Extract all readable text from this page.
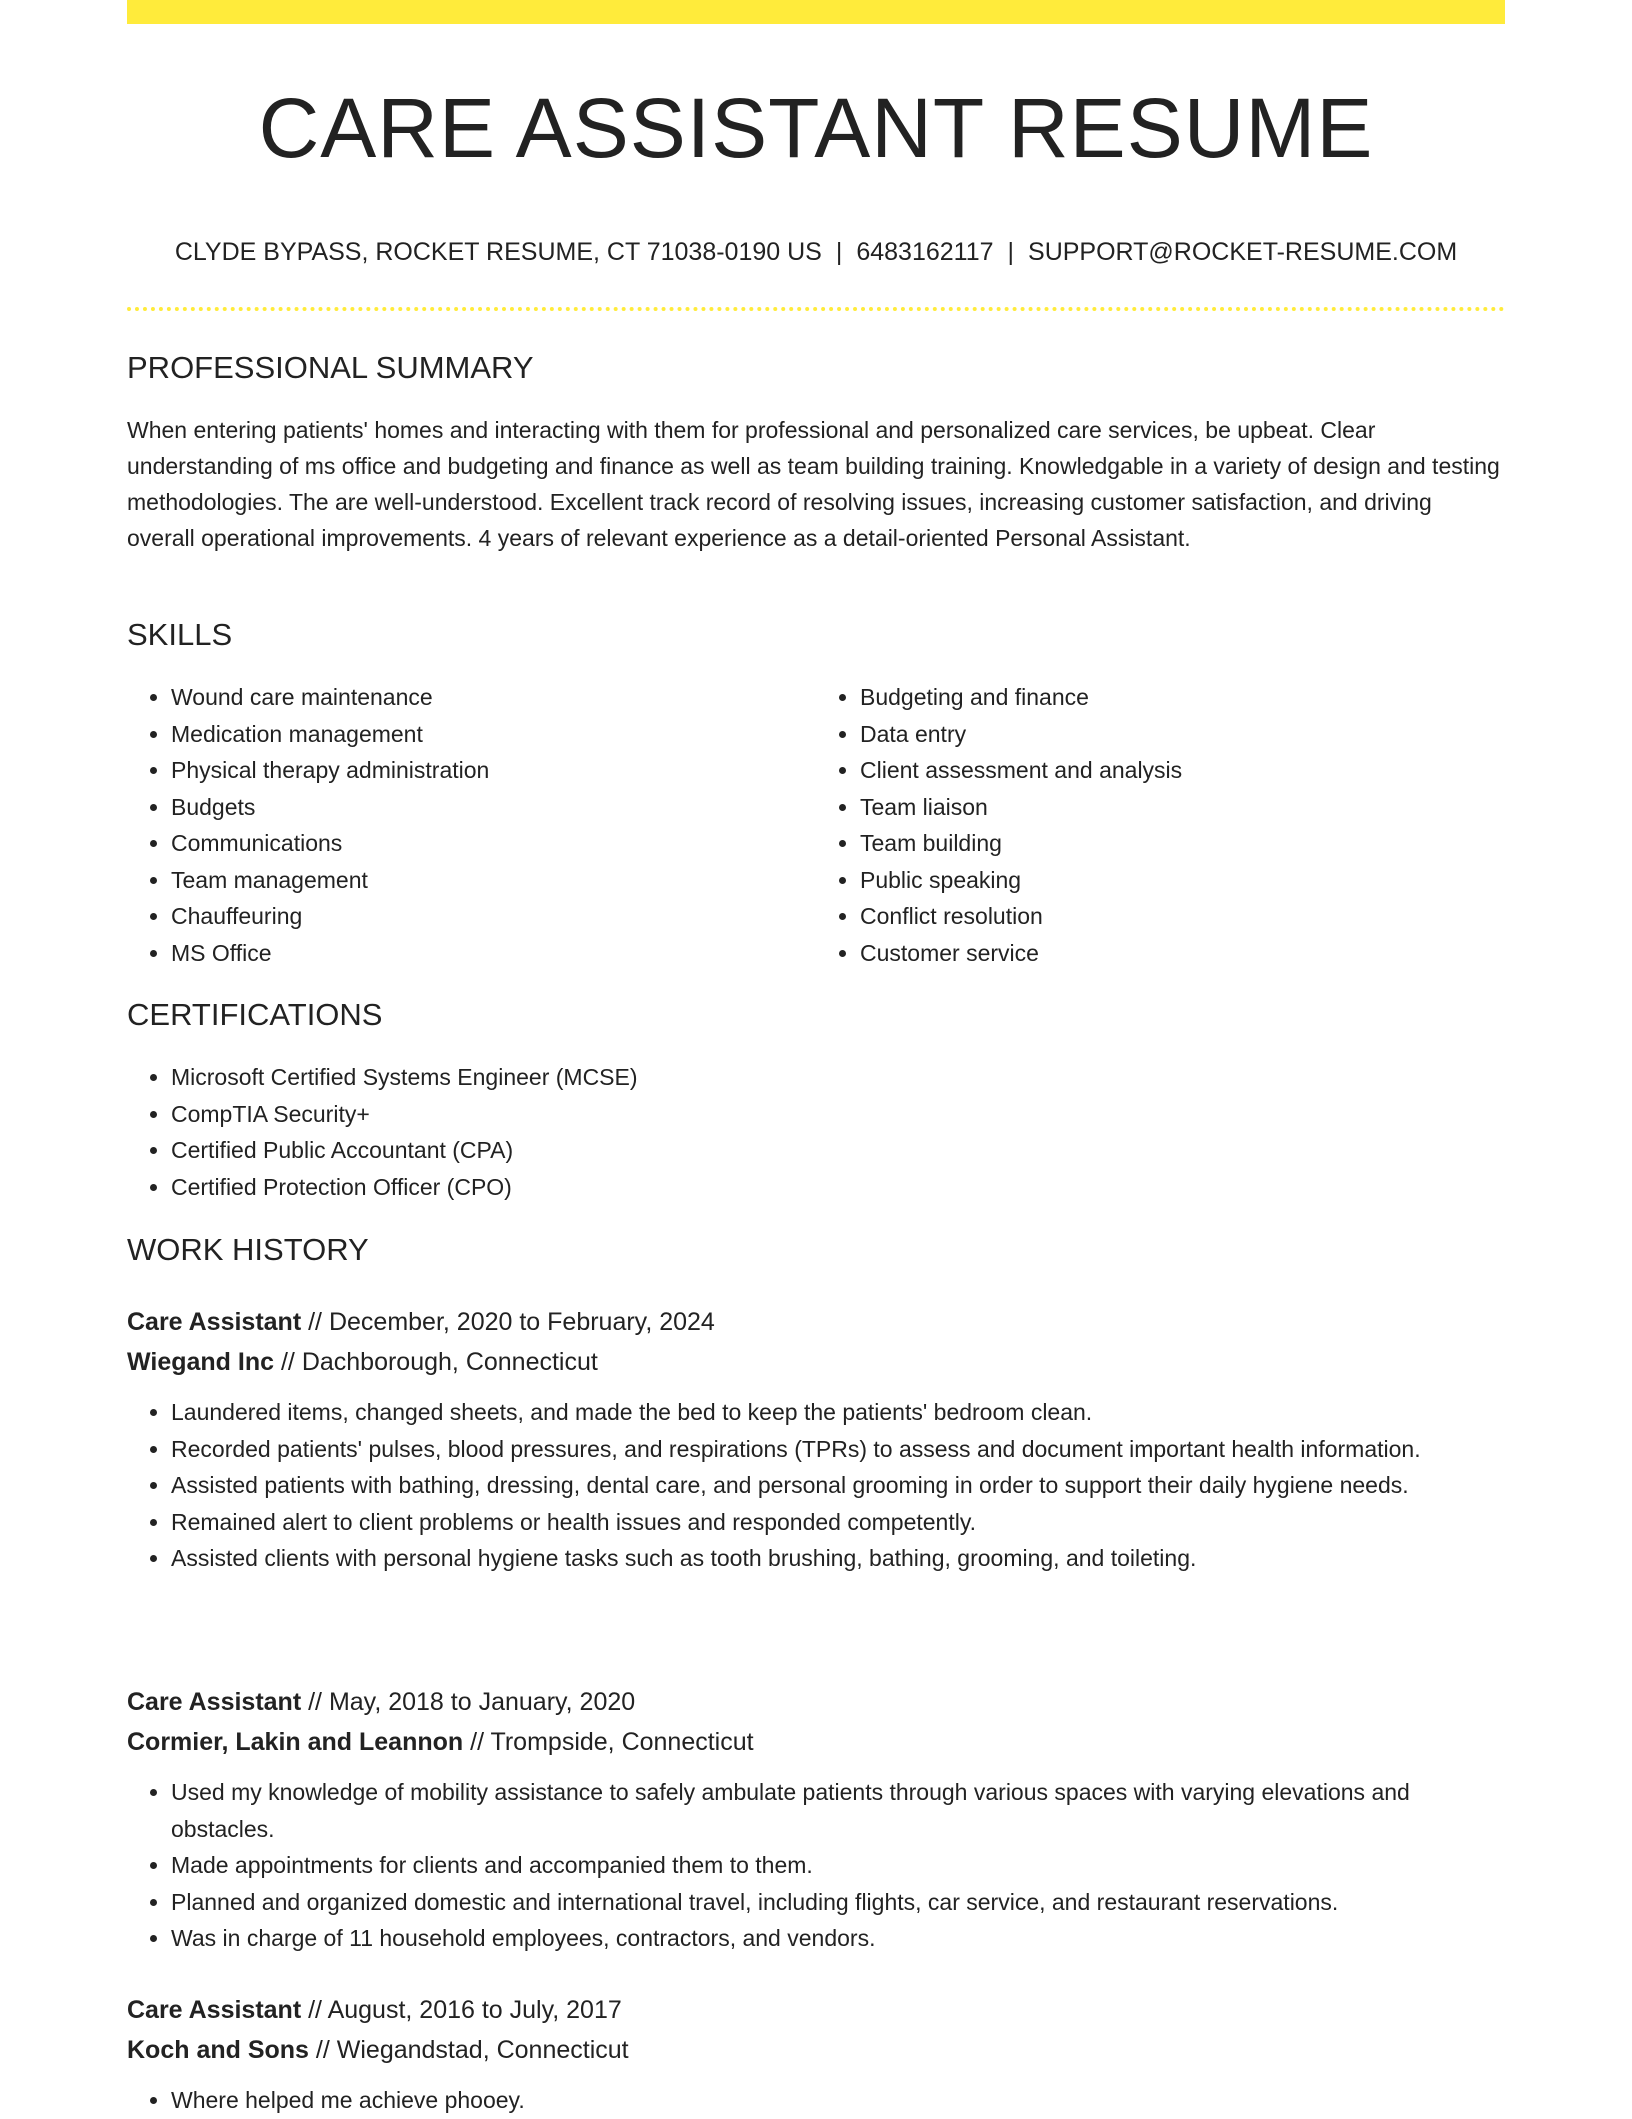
CARE ASSISTANT RESUME
CLYDE BYPASS, ROCKET RESUME, CT 71038-0190 US | 6483162117 | SUPPORT@ROCKET-RESUME.COM
PROFESSIONAL SUMMARY

When entering patients' homes and interacting with them for professional and personalized care services, be upbeat. Clear understanding of ms office and budgeting and finance as well as team building training. Knowledgable in a variety of design and testing methodologies. The are well-understood. Excellent track record of resolving issues, increasing customer satisfaction, and driving overall operational improvements. 4 years of relevant experience as a detail-oriented Personal Assistant.

SKILLS
• Wound care maintenance
• Medication management
• Physical therapy administration
• Budgets
• Communications
• Team management
• Chauffeuring
• MS Office
• Budgeting and finance
• Data entry
• Client assessment and analysis
• Team liaison
• Team building
• Public speaking
• Conflict resolution
• Customer service
CERTIFICATIONS
• Microsoft Certified Systems Engineer (MCSE)
• CompTIA Security+
• Certified Public Accountant (CPA)
• Certified Protection Officer (CPO)
WORK HISTORY
Care Assistant // December, 2020 to February, 2024
Wiegand Inc // Dachborough, Connecticut
• Laundered items, changed sheets, and made the bed to keep the patients' bedroom clean.
• Recorded patients' pulses, blood pressures, and respirations (TPRs) to assess and document important health information.
• Assisted patients with bathing, dressing, dental care, and personal grooming in order to support their daily hygiene needs.
• Remained alert to client problems or health issues and responded competently.
• Assisted clients with personal hygiene tasks such as tooth brushing, bathing, grooming, and toileting.
Care Assistant // May, 2018 to January, 2020
Cormier, Lakin and Leannon // Trompside, Connecticut
• Used my knowledge of mobility assistance to safely ambulate patients through various spaces with varying elevations and obstacles.
• Made appointments for clients and accompanied them to them.
• Planned and organized domestic and international travel, including flights, car service, and restaurant reservations.
• Was in charge of 11 household employees, contractors, and vendors.
Care Assistant // August, 2016 to July, 2017
Koch and Sons // Wiegandstad, Connecticut
• Where helped me achieve phooey.
